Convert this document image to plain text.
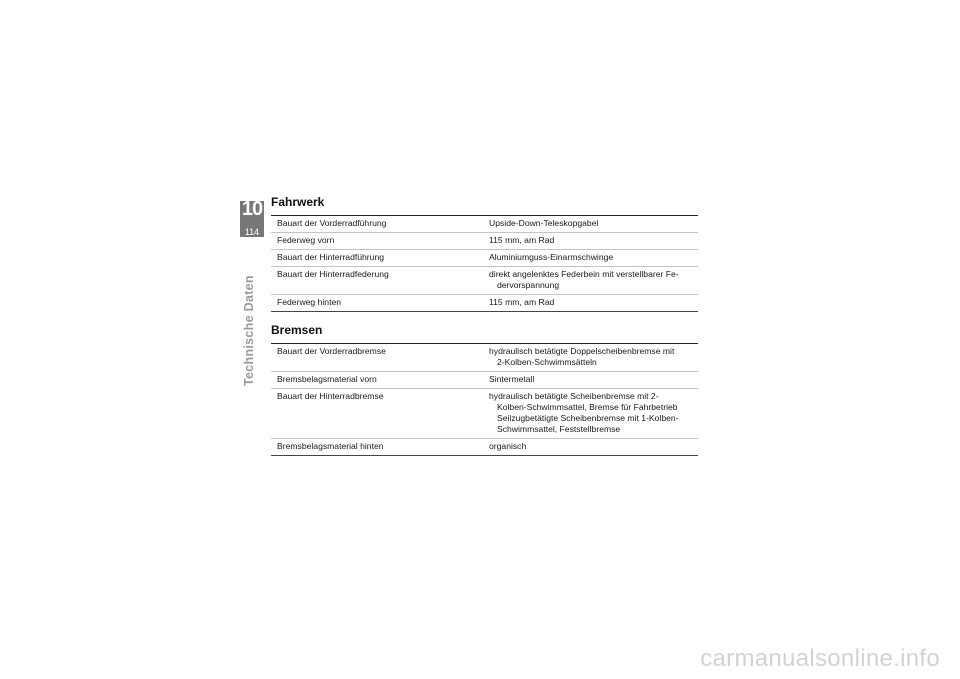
10
114
Technische Daten
Fahrwerk
Bauart der Vorderradführung	Upside-Down-Teleskopgabel

Federweg vorn	115 mm, am Rad

Bauart der Hinterradführung	Aluminiumguss-Einarmschwinge

Bauart der Hinterradfederung	direkt angelenktes Federbein mit verstellbarer Fe-
dervorspannung

Federweg hinten	115 mm, am Rad
Bremsen
Bauart der Vorderradbremse	hydraulisch betätigte Doppelscheibenbremse mit
2-Kolben-Schwimmsätteln

Bremsbelagsmaterial vorn	Sintermetall

Bauart der Hinterradbremse	hydraulisch betätigte Scheibenbremse mit 2-
Kolben-Schwimmsattel, Bremse für Fahrbetrieb
Seilzugbetätigte Scheibenbremse mit 1-Kolben-
Schwimmsattel, Feststellbremse

Bremsbelagsmaterial hinten	organisch
carmanualsonline.info
